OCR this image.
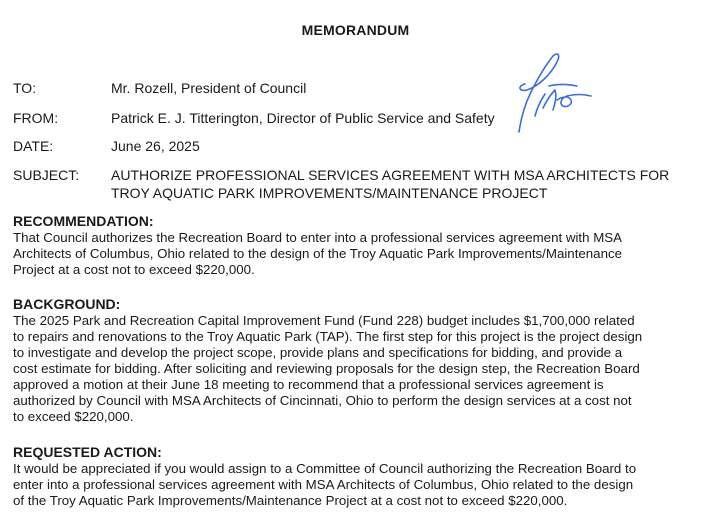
MEMORANDUM
TO:	Mr. Rozell, President of Council
FROM:	Patrick E. J. Titterington, Director of Public Service and Safety
DATE:	June 26, 2025
SUBJECT: AUTHORIZE PROFESSIONAL SERVICES AGREEMENT WITH MSA ARCHITECTS FOR
TROY AQUATIC PARK IMPROVEMENTS/MAINTENANCE PROJECT
RECOMMENDATION:
That Council authorizes the Recreation Board to enter into a professional services agreement with MSA
Architects of Columbus, Ohio related to the design of the Troy Aquatic Park Improvements/Maintenance
Project at a cost not to exceed $220,000.
BACKGROUND:
The 2025 Park and Recreation Capital Improvement Fund (Fund 228) budget includes $1,700,000 related
to repairs and renovations to the Troy Aquatic Park (TAP). The first step for this project is the project design
to investigate and develop the project scope, provide plans and specifications for bidding, and provide a
cost estimate for bidding. After soliciting and reviewing proposals for the design step, the Recreation Board
approved a motion at their June 18 meeting to recommend that a professional services agreement is
authorized by Council with MSA Architects of Cincinnati, Ohio to perform the design services at a cost not
to exceed $220,000.
REQUESTED ACTION:
It would be appreciated if you would assign to a Committee of Council authorizing the Recreation Board to
enter into a professional services agreement with MSA Architects of Columbus, Ohio related to the design
of the Troy Aquatic Park Improvements/Maintenance Project at a cost not to exceed $220,000.
